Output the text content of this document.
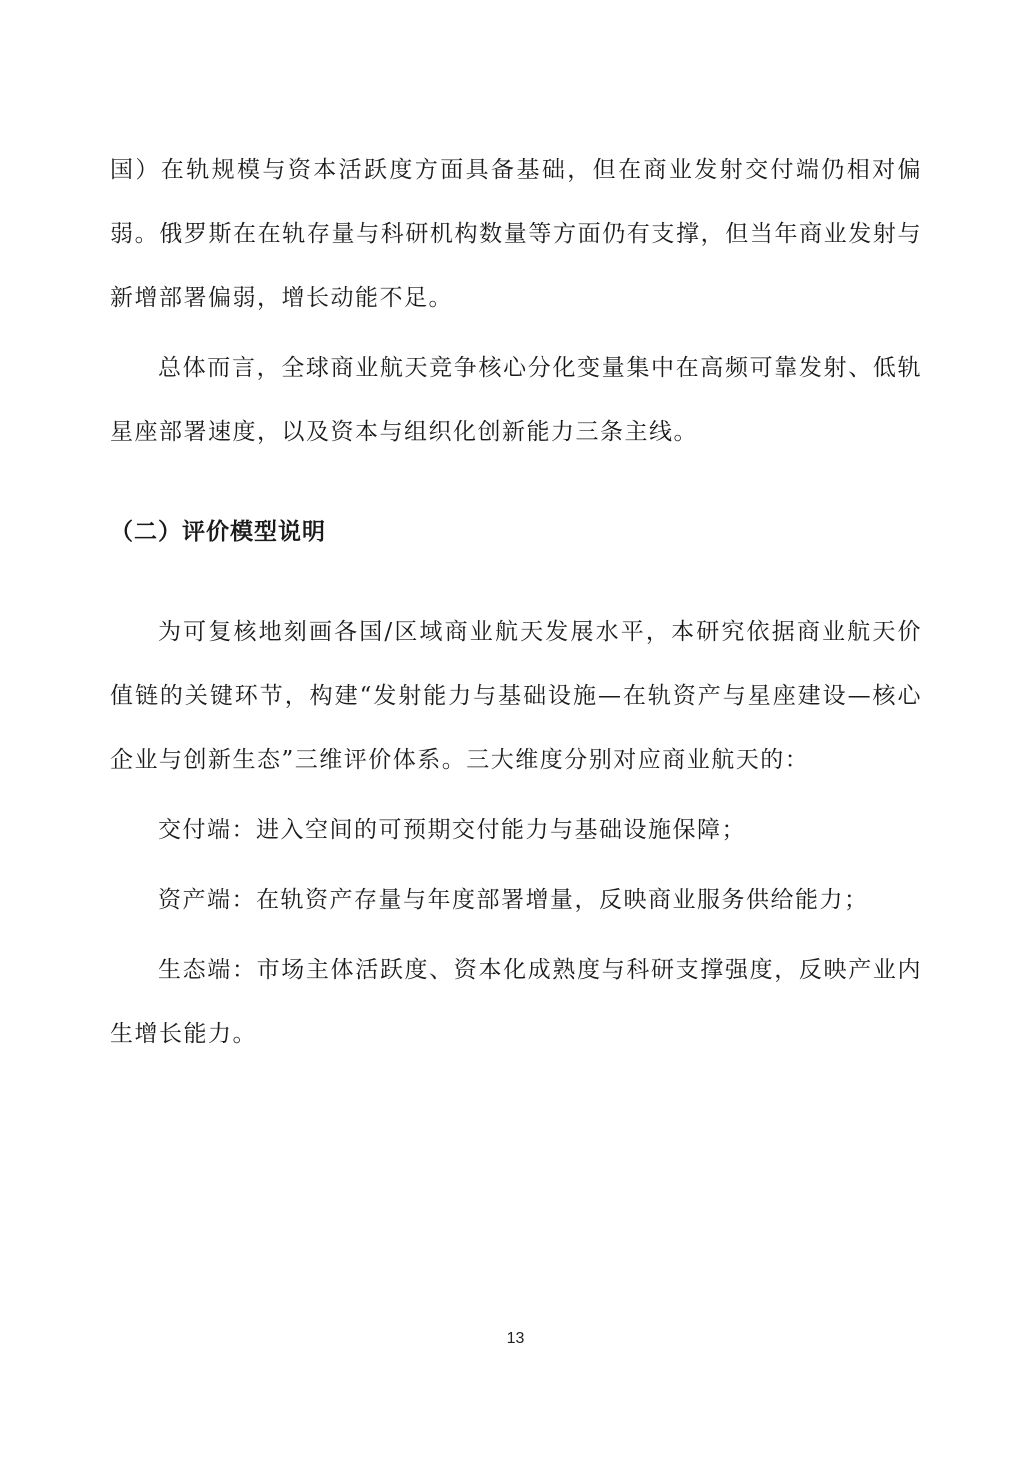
国）在轨规模与资本活跃度方面具备基础，但在商业发射交付端仍相对偏弱。俄罗斯在在轨存量与科研机构数量等方面仍有支撑，但当年商业发射与新增部署偏弱，增长动能不足。

总体而言，全球商业航天竞争核心分化变量集中在高频可靠发射、低轨星座部署速度，以及资本与组织化创新能力三条主线。

（二）评价模型说明

为可复核地刻画各国/区域商业航天发展水平，本研究依据商业航天价值链的关键环节，构建“发射能力与基础设施—在轨资产与星座建设—核心企业与创新生态”三维评价体系。三大维度分别对应商业航天的：

交付端：进入空间的可预期交付能力与基础设施保障；

资产端：在轨资产存量与年度部署增量，反映商业服务供给能力；

生态端：市场主体活跃度、资本化成熟度与科研支撑强度，反映产业内生增长能力。

13
